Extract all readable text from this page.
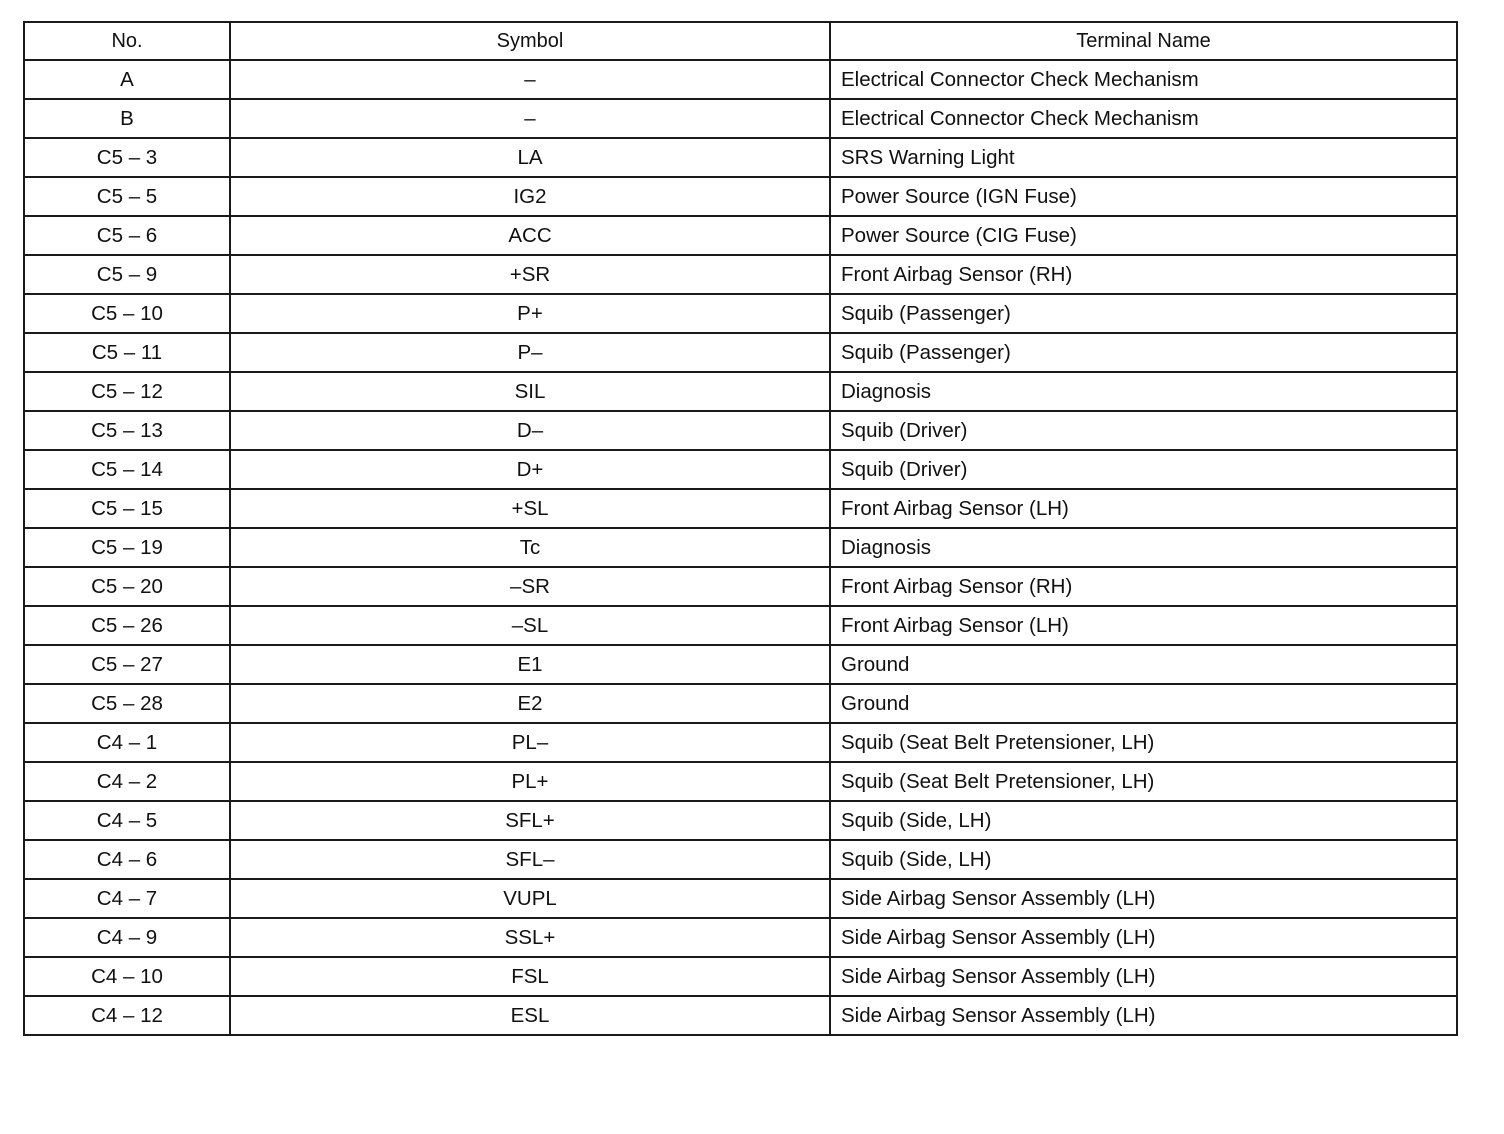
No.	Symbol	Terminal Name
A	–	Electrical Connector Check Mechanism
B	–	Electrical Connector Check Mechanism
C5 – 3	LA	SRS Warning Light
C5 – 5	IG2	Power Source (IGN Fuse)
C5 – 6	ACC	Power Source (CIG Fuse)
C5 – 9	+SR	Front Airbag Sensor (RH)
C5 – 10	P+	Squib (Passenger)
C5 – 11	P–	Squib (Passenger)
C5 – 12	SIL	Diagnosis
C5 – 13	D–	Squib (Driver)
C5 – 14	D+	Squib (Driver)
C5 – 15	+SL	Front Airbag Sensor (LH)
C5 – 19	Tc	Diagnosis
C5 – 20	–SR	Front Airbag Sensor (RH)
C5 – 26	–SL	Front Airbag Sensor (LH)
C5 – 27	E1	Ground
C5 – 28	E2	Ground
C4 – 1	PL–	Squib (Seat Belt Pretensioner, LH)
C4 – 2	PL+	Squib (Seat Belt Pretensioner, LH)
C4 – 5	SFL+	Squib (Side, LH)
C4 – 6	SFL–	Squib (Side, LH)
C4 – 7	VUPL	Side Airbag Sensor Assembly (LH)
C4 – 9	SSL+	Side Airbag Sensor Assembly (LH)
C4 – 10	FSL	Side Airbag Sensor Assembly (LH)
C4 – 12	ESL	Side Airbag Sensor Assembly (LH)
